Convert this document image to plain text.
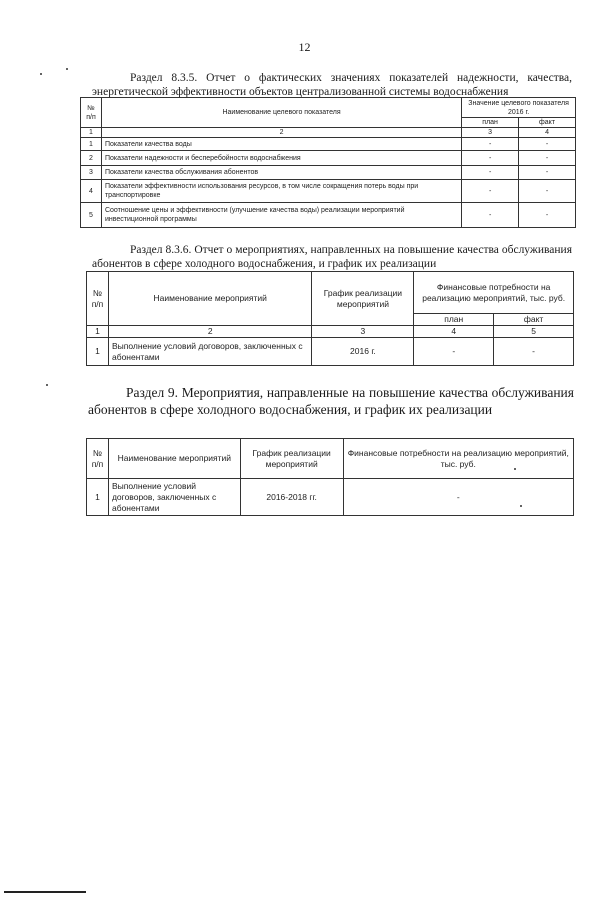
12
Раздел 8.3.5. Отчет о фактических значениях показателей надежности, качества, энергетической эффективности объектов централизованной системы водоснабжения
№ п/п	Наименование целевого показателя	Значение целевого показателя 2016 г.	
		план	факт
1	2	3	4
1	Показатели качества воды	-	-
2	Показатели надежности и бесперебойности водоснабжения	-	-
3	Показатели качества обслуживания абонентов	-	-
4	Показатели эффективности использования ресурсов, в том числе сокращения потерь воды при транспортировке	-	-
5	Соотношение цены и эффективности (улучшение качества воды) реализации мероприятий инвестиционной программы	-	-
Раздел 8.3.6. Отчет о мероприятиях, направленных на повышение качества обслуживания абонентов в сфере холодного водоснабжения, и график их реализации
№ п/п	Наименование мероприятий	График реализации мероприятий	Финансовые потребности на реализацию мероприятий, тыс. руб.	
			план	факт
1	2	3	4	5
1	Выполнение условий договоров, заключенных с абонентами	2016 г.	-	-
Раздел 9. Мероприятия, направленные на повышение качества обслуживания абонентов в сфере холодного водоснабжения, и график их реализации
№ п/п	Наименование мероприятий	График реализации мероприятий	Финансовые потребности на реализацию мероприятий, тыс. руб.
1	Выполнение условий договоров, заключенных с абонентами	2016-2018 гг.	-
